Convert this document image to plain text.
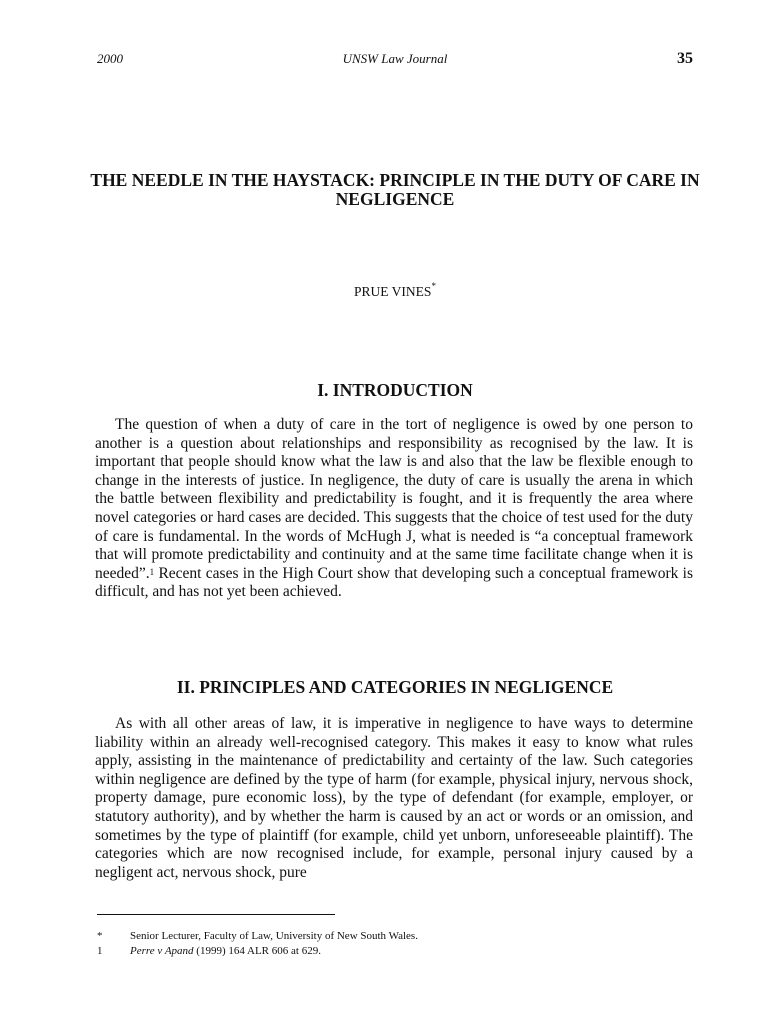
2000	UNSW Law Journal	35
THE NEEDLE IN THE HAYSTACK: PRINCIPLE IN THE DUTY OF CARE IN NEGLIGENCE
PRUE VINES*
I. INTRODUCTION

The question of when a duty of care in the tort of negligence is owed by one person to another is a question about relationships and responsibility as recognised by the law. It is important that people should know what the law is and also that the law be flexible enough to change in the interests of justice. In negligence, the duty of care is usually the arena in which the battle between flexibility and predictability is fought, and it is frequently the area where novel categories or hard cases are decided. This suggests that the choice of test used for the duty of care is fundamental. In the words of McHugh J, what is needed is “a conceptual framework that will promote predictability and continuity and at the same time facilitate change when it is needed”.$^1$ Recent cases in the High Court show that developing such a conceptual framework is difficult, and has not yet been achieved.

II. PRINCIPLES AND CATEGORIES IN NEGLIGENCE

As with all other areas of law, it is imperative in negligence to have ways to determine liability within an already well-recognised category. This makes it easy to know what rules apply, assisting in the maintenance of predictability and certainty of the law. Such categories within negligence are defined by the type of harm (for example, physical injury, nervous shock, property damage, pure economic loss), by the type of defendant (for example, employer, or statutory authority), and by whether the harm is caused by an act or words or an omission, and sometimes by the type of plaintiff (for example, child yet unborn, unforeseeable plaintiff). The categories which are now recognised include, for example, personal injury caused by a negligent act, nervous shock, pure

*	Senior Lecturer, Faculty of Law, University of New South Wales.
1	Perre v Apand (1999) 164 ALR 606 at 629.
